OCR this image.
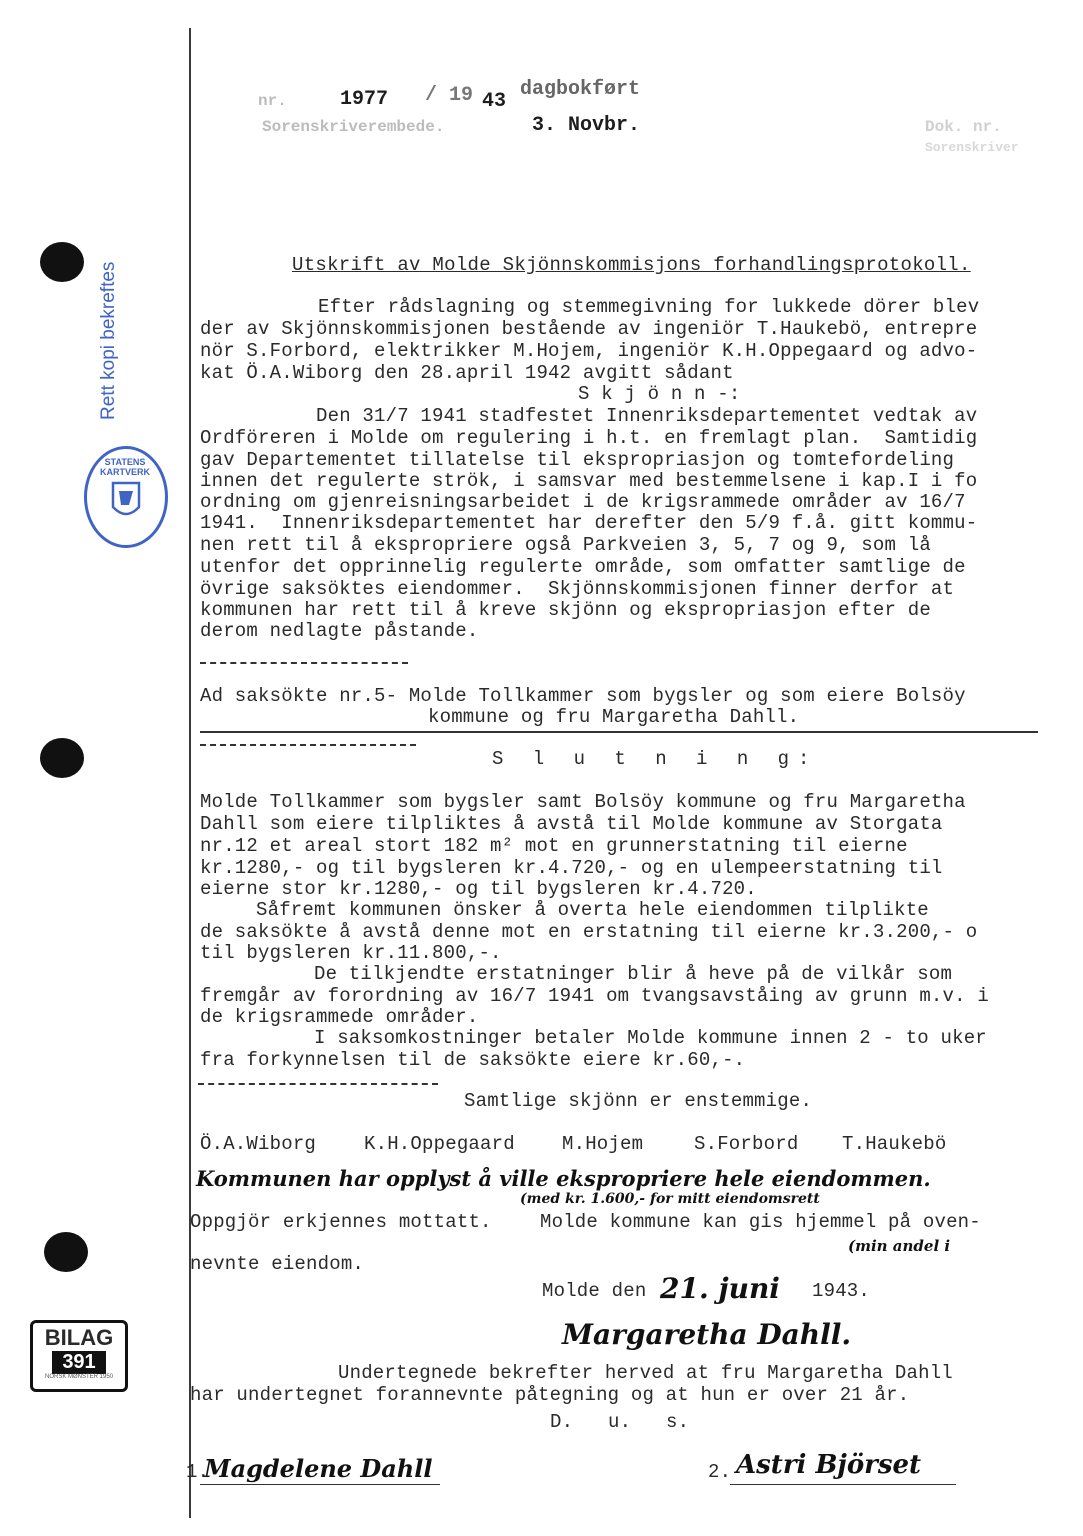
nr.	1977 / 19 43
dagbokført
Sorenskriverembede.	3. Novbr.	Dok. nr.
Sorenskriver
Rett kopi bekreftes
STATENS KARTVERK
Utskrift av Molde Skjönnskommisjons forhandlingsprotokoll.
Efter rådslagning og stemmegivning for lukkede dörer blev
der av Skjönnskommisjonen bestående av ingeniör T.Haukebö, entrepre
nör S.Forbord, elektrikker M.Hojem, ingeniör K.H.Oppegaard og advo-
kat Ö.A.Wiborg den 28.april 1942 avgitt sådant
S k j ö n n -:
Den 31/7 1941 stadfestet Innenriksdepartementet vedtak av
Ordföreren i Molde om regulering i h.t. en fremlagt plan.  Samtidig
gav Departementet tillatelse til ekspropriasjon og tomtefordeling
innen det regulerte strök, i samsvar med bestemmelsene i kap.I i fo
ordning om gjenreisningsarbeidet i de krigsrammede områder av 16/7
1941.  Innenriksdepartementet har derefter den 5/9 f.å. gitt kommu-
nen rett til å ekspropriere også Parkveien 3, 5, 7 og 9, som lå
utenfor det opprinnelig regulerte område, som omfatter samtlige de
övrige saksöktes eiendommer.  Skjönnskommisjonen finner derfor at
kommunen har rett til å kreve skjönn og ekspropriasjon efter de
derom nedlagte påstande.
Ad saksökte nr.5- Molde Tollkammer som bygsler og som eiere Bolsöy
kommune og fru Margaretha Dahll.
S l u t n i n g:
Molde Tollkammer som bygsler samt Bolsöy kommune og fru Margaretha
Dahll som eiere tilpliktes å avstå til Molde kommune av Storgata
nr.12 et areal stort 182 m² mot en grunnerstatning til eierne
kr.1280,- og til bygsleren kr.4.720,- og en ulempeerstatning til
eierne stor kr.1280,- og til bygsleren kr.4.720.
Såfremt kommunen önsker å overta hele eiendommen tilplikte
de saksökte å avstå denne mot en erstatning til eierne kr.3.200,- o
til bygsleren kr.11.800,-.
De tilkjendte erstatninger blir å heve på de vilkår som
fremgår av forordning av 16/7 1941 om tvangsavståing av grunn m.v. i
de krigsrammede områder.
I saksomkostninger betaler Molde kommune innen 2 - to uker
fra forkynnelsen til de saksökte eiere kr.60,-.
Samtlige skjönn er enstemmige.
Ö.A.Wiborg	K.H.Oppegaard M.Hojem	S.Forbord T.Haukebö
Kommunen har opplyst å ville ekspropriere hele eiendommen.
(med kr. 1.600,- for mitt eiendomsrett
(min andel i
Oppgjör erkjennes mottatt.	Molde kommune kan gis hjemmel på oven-
nevnte eiendom.
Molde den 21. juni 1943.
Margaretha Dahll.
BILAG
391
NORSK MØNSTER 1950	Undertegnede bekrefter herved at fru Margaretha Dahll
har undertegnet forannevnte påtegning og at hun er over 21 år.
D.   u.   s.
1.
Magdelene Dahll	2. Astri Björset
